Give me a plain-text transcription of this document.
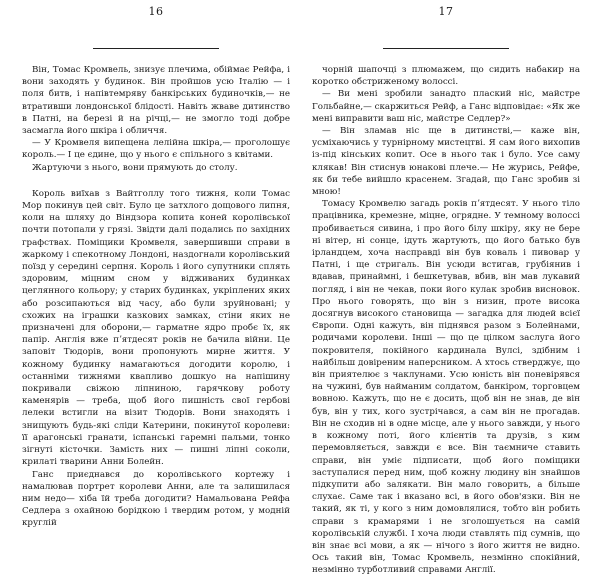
16

Він, Томас Кромвель, знизує плечима, обіймає Рейфа, і вони заходять у будинок. Він пройшов усю Італію — і поля битв, і напівтемряву банкірських будиночків,— не втративши лондонської блідості. Навіть жваве дитинство в Патні, на березі й на річці,— не змогло тоді добре засмагла його шкіра і обличчя.

— У Кромвеля випещена лелійна шкіра,— проголошує король.— І це єдине, що у нього є спільного з квітами.

Жартуючи з нього, вони прямують до столу.

Король виїхав з Вайтголлу того тижня, коли Томас Мор покинув цей світ. Було це затхлого дощового липня, коли на шляху до Віндзора копита коней королівської почти потопали у грязі. Звідти далі подались по західних графствах. Поміщики Кромвеля, завершивши справи в жаркому і спекотному Лондоні, наздогнали королівський поїзд у середині серпня. Король і його супутники сплять здоровим, міцним сном у відживаних будинках цеглянного кольору; у старих будинках, укріплених яких або розсипаються від часу, або були зруйновані; у схожих на іграшки казкових замках, стіни яких не призначені для оборони,— гарматне ядро пробє їх, як папір. Англія вже пʼятдесят років не бачила війни. Це заповіт Тюдорів, вони пропонують мирне життя. У кожному будинку намагаються догодити королю, і останніми тижнями квапливо дошкуо на напішину покривали свіжою ліпниною, гарячкову роботу каменярів — треба, щоб його пишність свої гербові лелеки встигли на візит Тюдорів. Вони знаходять і знищують будь-які сліди Катерини, покинутої королеви: її арагонські гранати, іспанські гаремні пальми, тонко зігнуті кісточки. Замість них — пишні ліпні соколи, крилаті тварини Анни Болейн.

Ганс приєднався до королівського кортежу і намалював портрет королеви Анни, але та залишилася ним недо— хіба їй треба догодити? Намальована Рейфа Седлера з охайною борідкою і твердим ротом, у модній круглій

17

чорній шапочці з плюмажем, що сидить набакир на коротко обстриженому волоссі.

— Ви мені зробили занадто плаский ніс, майстре Гольбайне,— скаржиться Рейф, а Ганс відповідає: «Як же мені виправити ваш ніс, майстре Седлер?»

— Він зламав ніс ще в дитинстві,— каже він, усміхаючись у турнірному мистецтві. Я сам його вихопив із-під кінських копит. Осе в нього так і було. Усе саму клякав! Він стиснув юнакові плече.— Не журись, Рейфе, як би тебе вийшло красенем. Згадай, що Ганс зробив зі мною!

Томасу Кромвелю загадь років пʼятдесят. У нього тіло працівника, кремезне, міцне, огрядне. У темному волоссі пробивається сивина, і про його білу шкіру, яку не бере ні вітер, ні сонце, ідуть жартують, що його батько був ірландцем, хоча насправді він був коваль і пивовар у Патні, і ще стригаль. Він усюди встигав, грубіянив і вдавав, принаймні, і бешкетував, вбив, він мав лукавий погляд, і він не чекав, поки його кулак зробив висновок. Про нього говорять, що він з низин, проте висока досягнув високого становища — загадка для людей всієї Європи. Одні кажуть, він піднявся разом з Болейнами, родичами королеви. Інші — що це цілком заслуга його покровителя, покійного кардинала Вулсі, здібним і найбільш довіреним наперсником. А хтось стверджує, що він приятелює з чаклунами. Усю юність він поневірявся на чужині, був найманим солдатом, банкіром, торговцем вовною. Кажуть, що не є досить, щоб він не знав, де він був, він у тих, кого зустрічався, а сам він не прогадав. Він не сходив ні в одне місце, але у нього завжди, у нього в кожному поті, його клієнтів та друзів, з ким перемовляється, завжди є все. Він таємниче ставить справи, він уміє підписати, щоб його поміщики заступалися перед ним, щоб кожну людину він знайшов підкупити або залякати. Він мало говорить, а більше слухає. Саме так і вказано всі, в його обов'язки. Він не такий, як ті, у кого з ним домовлялися, тобто він робить справи з крамарями і не зголошується на самій королівській службі. І хоча люди ставлять під сумнів, що він знає всі мови, а як — нічого з його життя не видно. Ось такий він, Томас Кромвель, незмінно спокійний, незмінно турботливий справами Англії.
